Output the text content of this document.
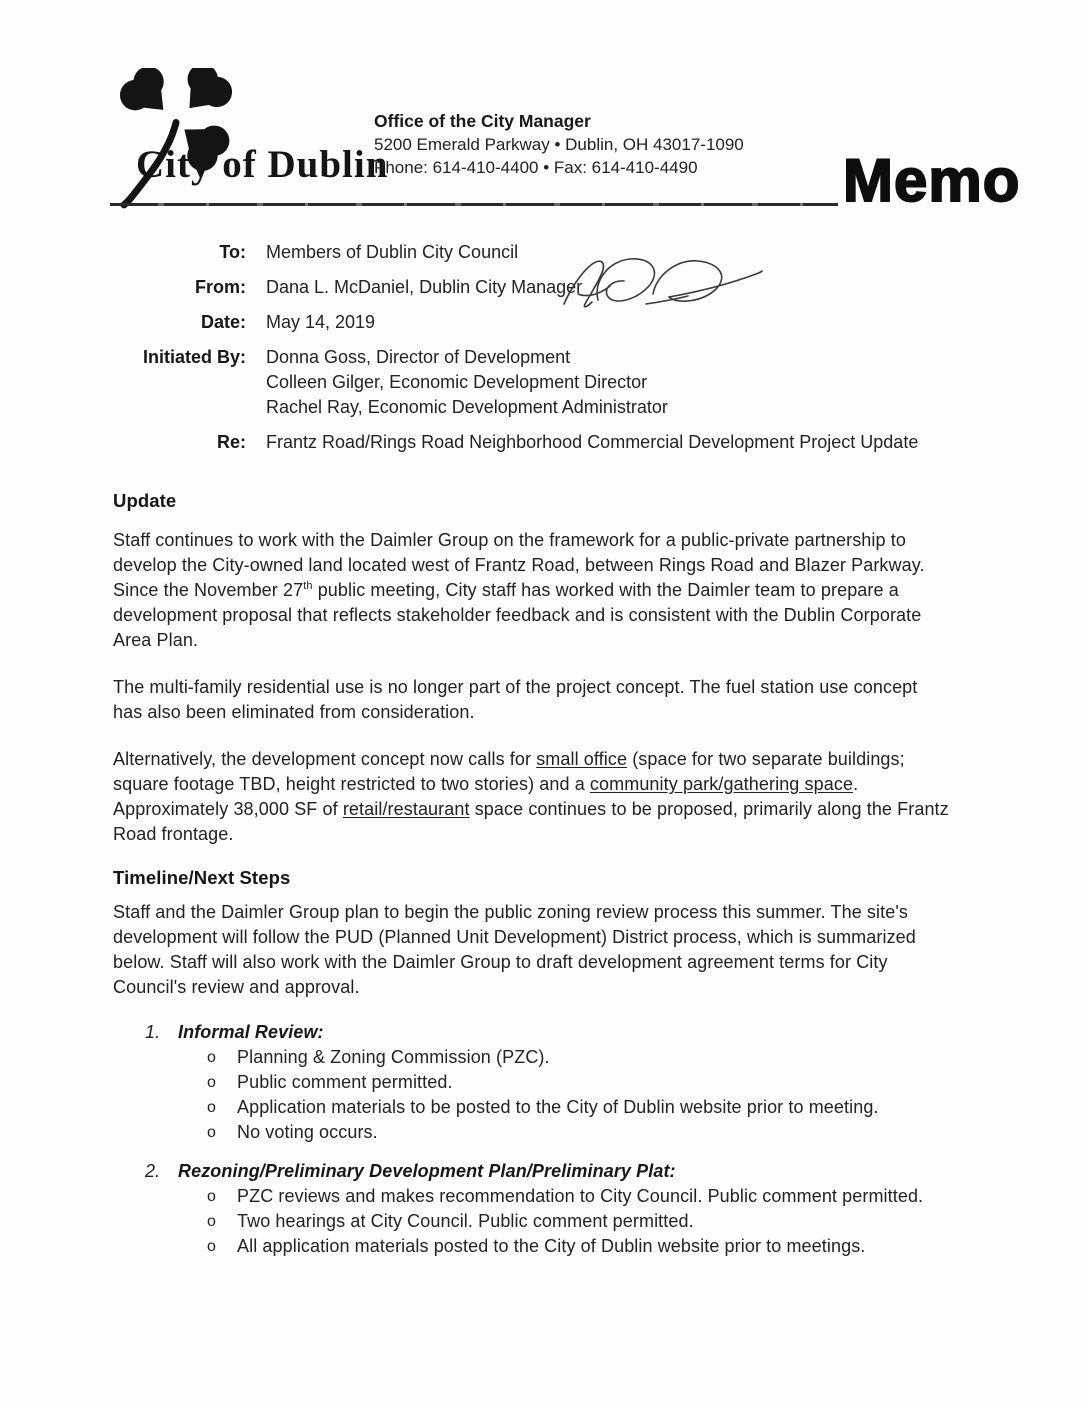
City of Dublin
Office of the City Manager
5200 Emerald Parkway • Dublin, OH 43017-1090
Phone: 614-410-4400 • Fax: 614-410-4490	Memo
To: Members of Dublin City Council
From: Dana L. McDaniel, Dublin City Manager
Date: May 14, 2019
Initiated By: Donna Goss, Director of Development
Colleen Gilger, Economic Development Director
Rachel Ray, Economic Development Administrator
Re: Frantz Road/Rings Road Neighborhood Commercial Development Project Update
Update

Staff continues to work with the Daimler Group on the framework for a public-private partnership to develop the City-owned land located west of Frantz Road, between Rings Road and Blazer Parkway. Since the November 27th public meeting, City staff has worked with the Daimler team to prepare a development proposal that reflects stakeholder feedback and is consistent with the Dublin Corporate Area Plan.

The multi-family residential use is no longer part of the project concept. The fuel station use concept has also been eliminated from consideration.

Alternatively, the development concept now calls for small office (space for two separate buildings; square footage TBD, height restricted to two stories) and a community park/gathering space. Approximately 38,000 SF of retail/restaurant space continues to be proposed, primarily along the Frantz Road frontage.

Timeline/Next Steps

Staff and the Daimler Group plan to begin the public zoning review process this summer. The site's development will follow the PUD (Planned Unit Development) District process, which is summarized below. Staff will also work with the Daimler Group to draft development agreement terms for City Council's review and approval.

1. Informal Review:
o	Planning & Zoning Commission (PZC).
o	Public comment permitted.
o	Application materials to be posted to the City of Dublin website prior to meeting.
o	No voting occurs.
2. Rezoning/Preliminary Development Plan/Preliminary Plat:
o	PZC reviews and makes recommendation to City Council. Public comment permitted.
o	Two hearings at City Council. Public comment permitted.
o	All application materials posted to the City of Dublin website prior to meetings.
